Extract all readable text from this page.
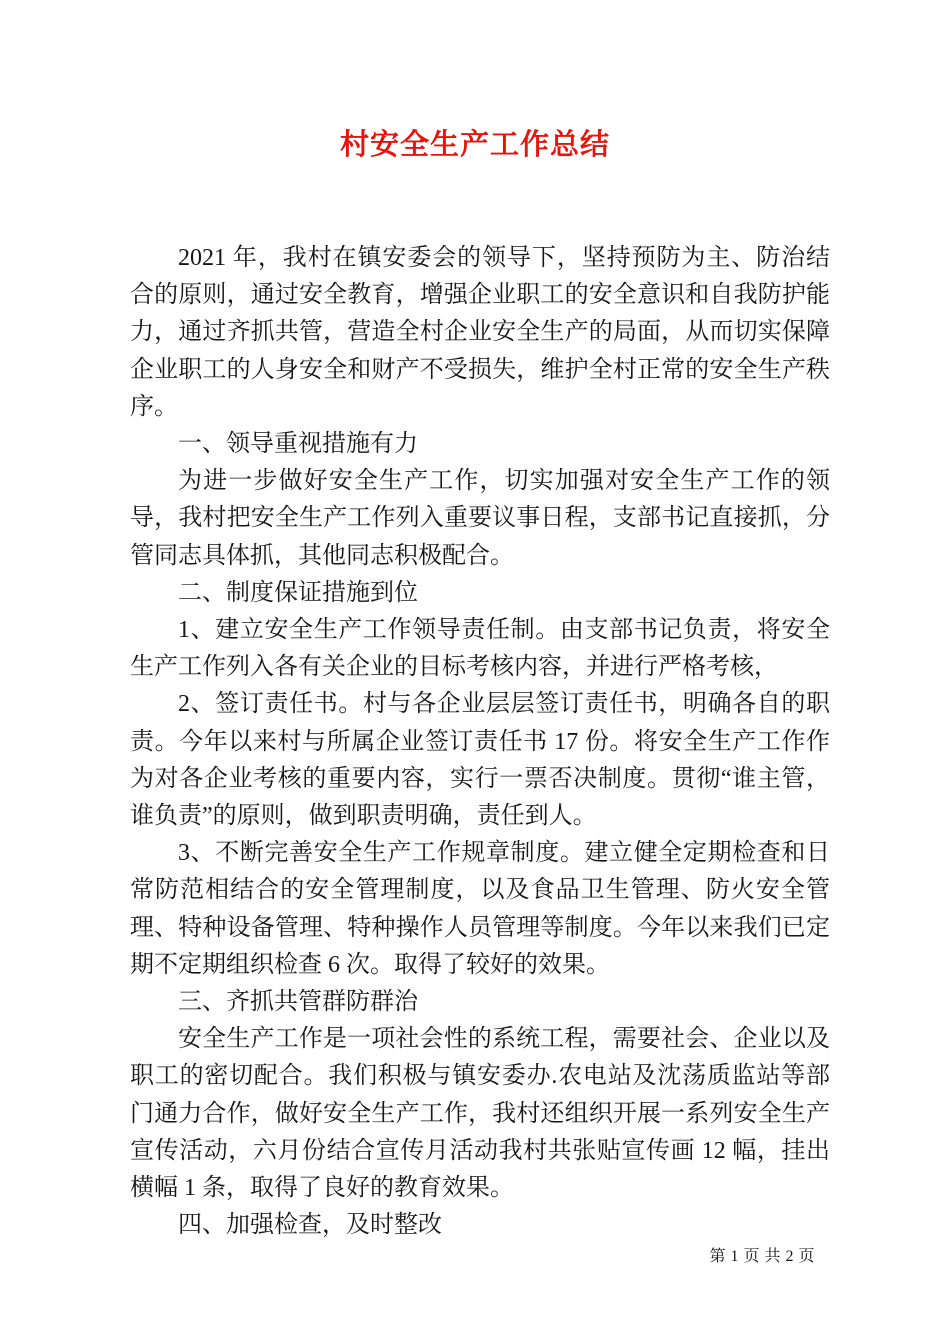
村安全生产工作总结

2021 年，我村在镇安委会的领导下，坚持预防为主、防治结合的原则，通过安全教育，增强企业职工的安全意识和自我防护能力，通过齐抓共管，营造全村企业安全生产的局面，从而切实保障企业职工的人身安全和财产不受损失，维护全村正常的安全生产秩序。

一、领导重视措施有力

为进一步做好安全生产工作，切实加强对安全生产工作的领导，我村把安全生产工作列入重要议事日程，支部书记直接抓，分管同志具体抓，其他同志积极配合。

二、制度保证措施到位

1、建立安全生产工作领导责任制。由支部书记负责，将安全生产工作列入各有关企业的目标考核内容，并进行严格考核，

2、签订责任书。村与各企业层层签订责任书，明确各自的职责。今年以来村与所属企业签订责任书 17 份。将安全生产工作作为对各企业考核的重要内容，实行一票否决制度。贯彻“谁主管，谁负责”的原则，做到职责明确，责任到人。

3、不断完善安全生产工作规章制度。建立健全定期检查和日常防范相结合的安全管理制度，以及食品卫生管理、防火安全管理、特种设备管理、特种操作人员管理等制度。今年以来我们已定期不定期组织检查 6 次。取得了较好的效果。

三、齐抓共管群防群治

安全生产工作是一项社会性的系统工程，需要社会、企业以及职工的密切配合。我们积极与镇安委办.农电站及沈荡质监站等部门通力合作，做好安全生产工作，我村还组织开展一系列安全生产宣传活动，六月份结合宣传月活动我村共张贴宣传画 12 幅，挂出横幅 1 条，取得了良好的教育效果。

四、加强检查，及时整改

第 1 页 共 2 页
